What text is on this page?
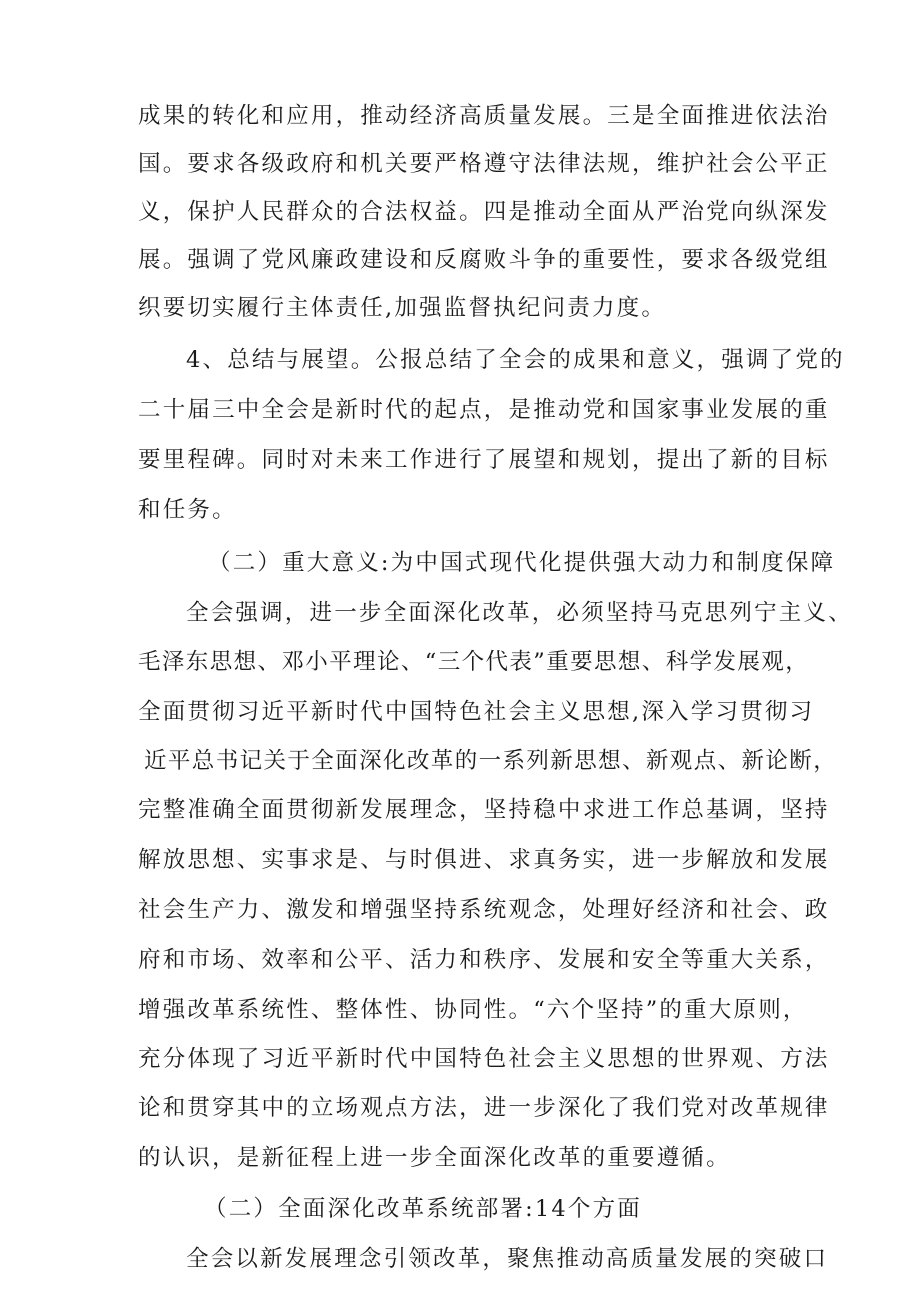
成果的转化和应用，推动经济高质量发展。三是全面推进依法治
国。要求各级政府和机关要严格遵守法律法规，维护社会公平正
义，保护人民群众的合法权益。四是推动全面从严治党向纵深发
展。强调了党风廉政建设和反腐败斗争的重要性，要求各级党组
织要切实履行主体责任,加强监督执纪问责力度。
4、总结与展望。公报总结了全会的成果和意义，强调了党的
二十届三中全会是新时代的起点，是推动党和国家事业发展的重
要里程碑。同时对未来工作进行了展望和规划，提出了新的目标
和任务。
（二）重大意义:为中国式现代化提供强大动力和制度保障
全会强调，进一步全面深化改革，必须坚持马克思列宁主义、
毛泽东思想、邓小平理论、“三个代表”重要思想、科学发展观，
全面贯彻习近平新时代中国特色社会主义思想,深入学习贯彻习
近平总书记关于全面深化改革的一系列新思想、新观点、新论断，
完整准确全面贯彻新发展理念，坚持稳中求进工作总基调，坚持
解放思想、实事求是、与时俱进、求真务实，进一步解放和发展
社会生产力、激发和增强坚持系统观念，处理好经济和社会、政
府和市场、效率和公平、活力和秩序、发展和安全等重大关系，
增强改革系统性、整体性、协同性。“六个坚持”的重大原则，
充分体现了习近平新时代中国特色社会主义思想的世界观、方法
论和贯穿其中的立场观点方法，进一步深化了我们党对改革规律
的认识，是新征程上进一步全面深化改革的重要遵循。
（二）全面深化改革系统部署:14个方面
全会以新发展理念引领改革，聚焦推动高质量发展的突破口
